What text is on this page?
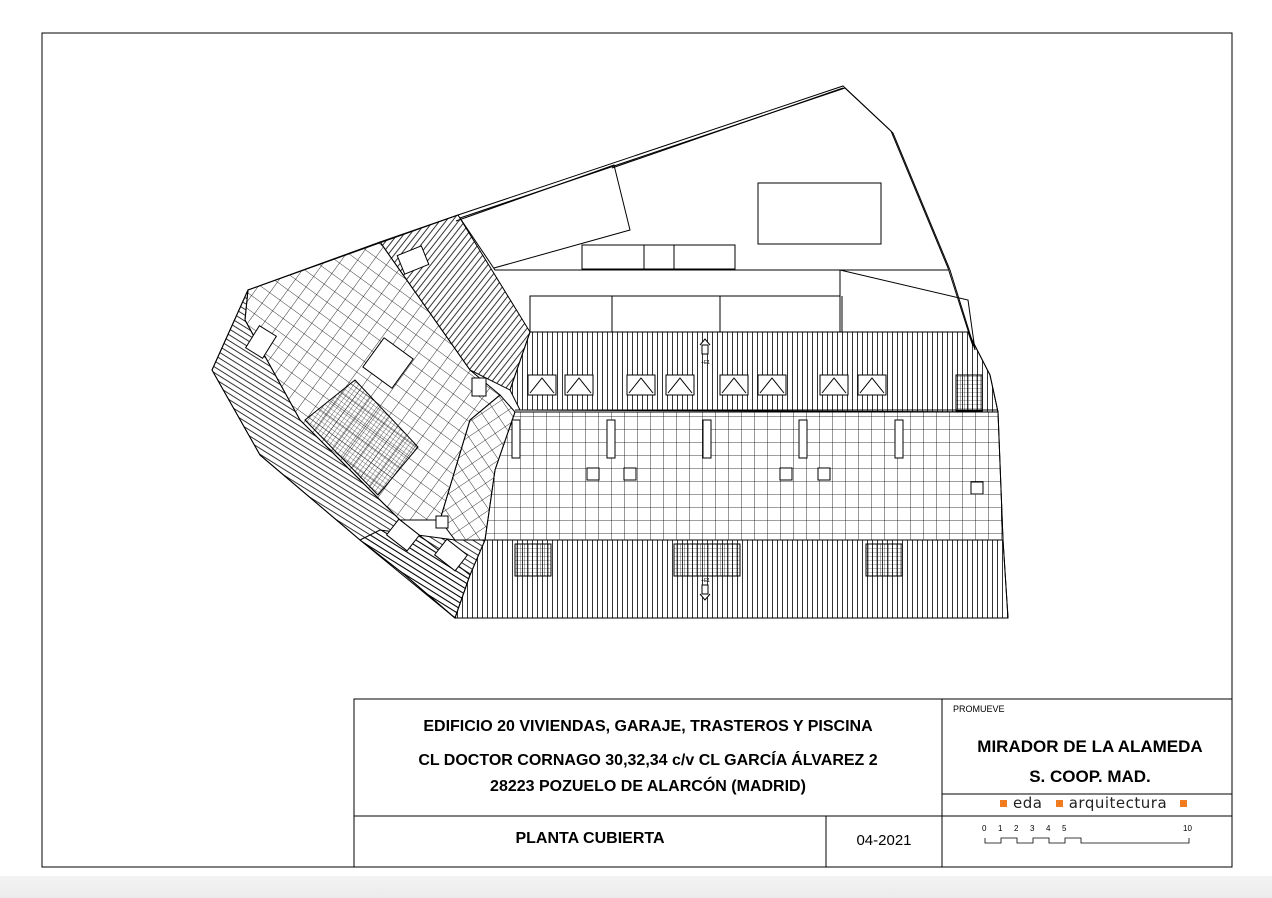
+E1
+E1
EDIFICIO 20 VIVIENDAS, GARAJE, TRASTEROS Y PISCINA
CL DOCTOR CORNAGO 30,32,34 c/v CL GARCÍA ÁLVAREZ 2
28223 POZUELO DE ALARCÓN (MADRID)
PROMUEVE
MIRADOR DE LA ALAMEDA
S. COOP. MAD.
eda arquitectura
PLANTA CUBIERTA	04-2021
0 1 2 3 4 5	10
